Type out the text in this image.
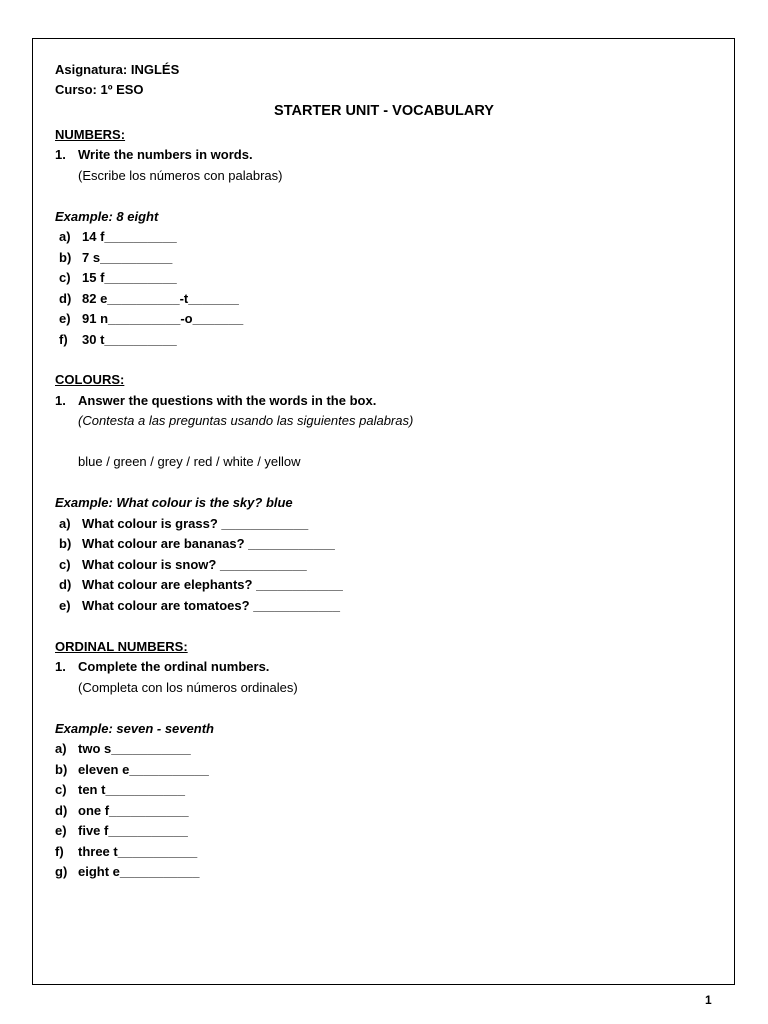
Asignatura: INGLÉS
Curso: 1º ESO
STARTER UNIT - VOCABULARY
NUMBERS:
1. Write the numbers in words.
(Escribe los números con palabras)
Example: 8 eight
a) 14 f__________
b) 7 s__________
c) 15 f__________
d) 82 e__________-t_______
e) 91 n__________-o_______
f) 30 t__________
COLOURS:
1. Answer the questions with the words in the box.
(Contesta a las preguntas usando las siguientes palabras)
blue / green / grey / red / white / yellow
Example: What colour is the sky? blue
a) What colour is grass? ____________
b) What colour are bananas? ____________
c) What colour is snow? ____________
d) What colour are elephants? ____________
e) What colour are tomatoes? ____________
ORDINAL NUMBERS:
1. Complete the ordinal numbers.
(Completa con los números ordinales)
Example: seven - seventh
a) two s___________
b) eleven e___________
c) ten t___________
d) one f___________
e) five f___________
f) three t___________
g) eight e___________
1
